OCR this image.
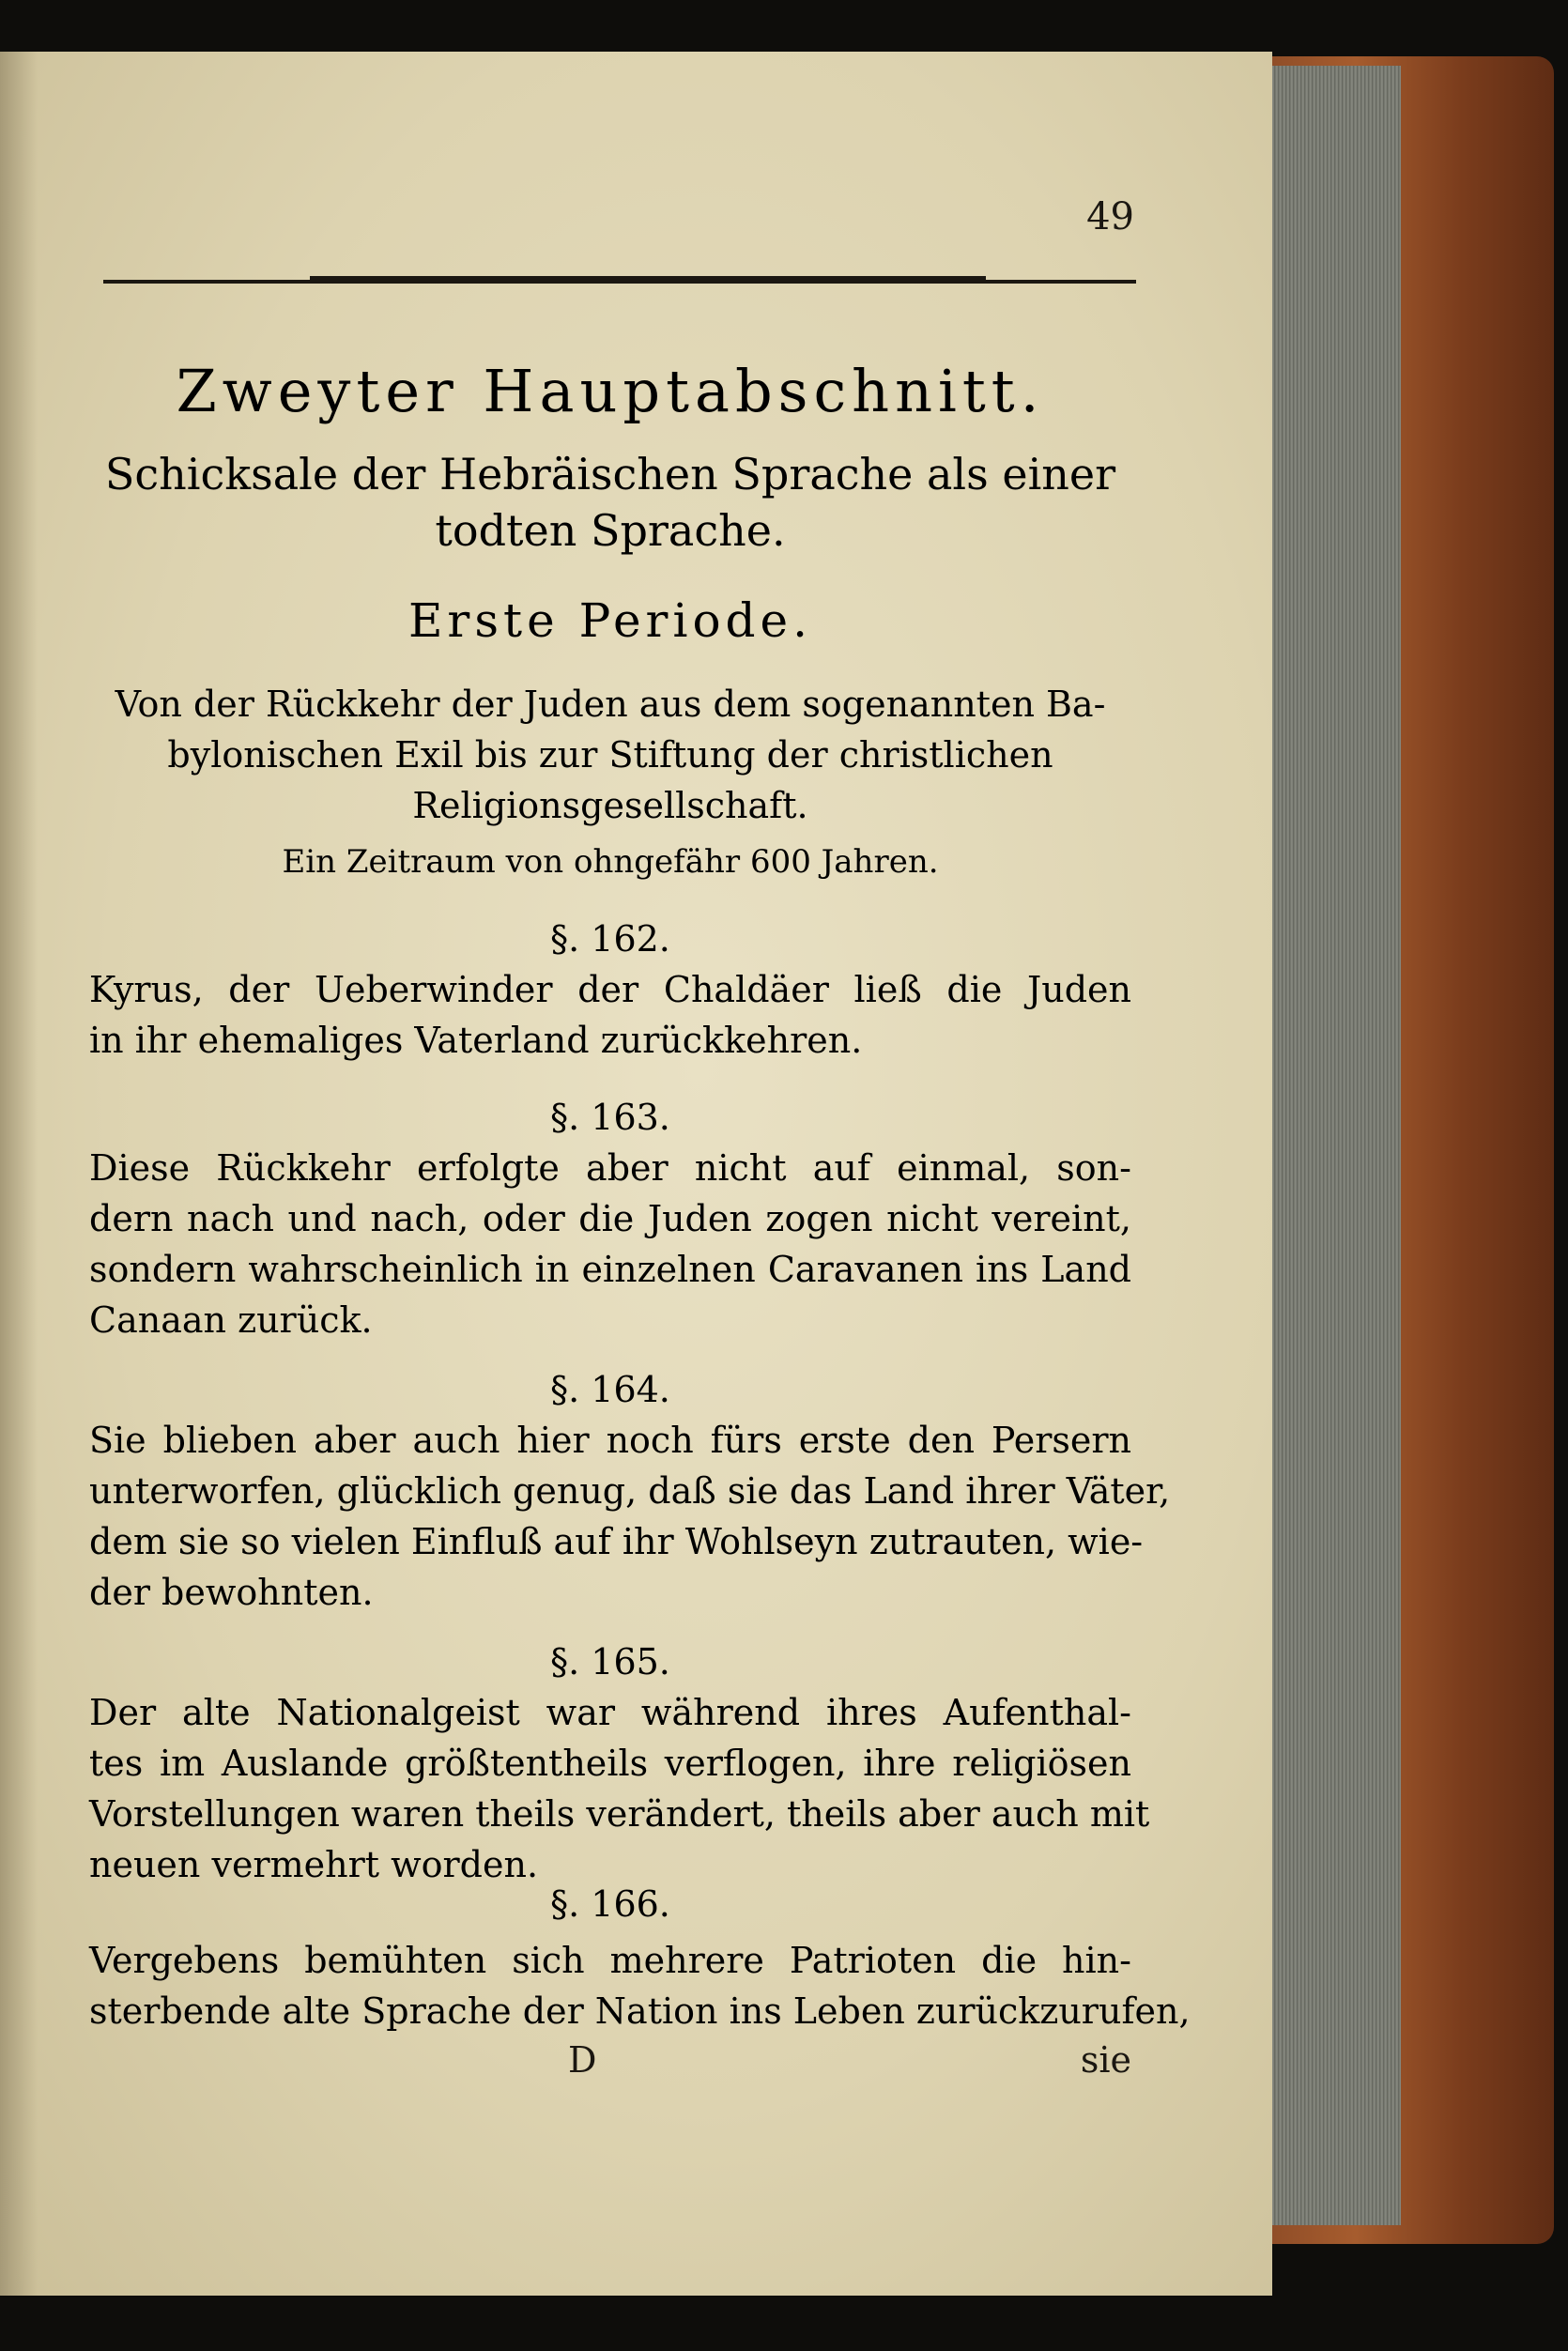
49
Zweyter Hauptabschnitt.
Schicksale der Hebräischen Sprache als einer
todten Sprache.
Erste Periode.
Von der Rückkehr der Juden aus dem sogenannten Ba-
bylonischen Exil bis zur Stiftung der christlichen
Religionsgesellschaft.
Ein Zeitraum von ohngefähr 600 Jahren.
§. 162.
Kyrus, der Ueberwinder der Chaldäer ließ die Juden
in ihr ehemaliges Vaterland zurückkehren.
§. 163.
Diese Rückkehr erfolgte aber nicht auf einmal, son-
dern nach und nach, oder die Juden zogen nicht vereint,
sondern wahrscheinlich in einzelnen Caravanen ins Land
Canaan zurück.
§. 164.
Sie blieben aber auch hier noch fürs erste den Persern
unterworfen, glücklich genug, daß sie das Land ihrer Väter,
dem sie so vielen Einfluß auf ihr Wohlseyn zutrauten, wie-
der bewohnten.
§. 165.
Der alte Nationalgeist war während ihres Aufenthal-
tes im Auslande größtentheils verflogen, ihre religiösen
Vorstellungen waren theils verändert, theils aber auch mit
neuen vermehrt worden.
§. 166.
Vergebens bemühten sich mehrere Patrioten die hin-
sterbende alte Sprache der Nation ins Leben zurückzurufen,
D	sie
